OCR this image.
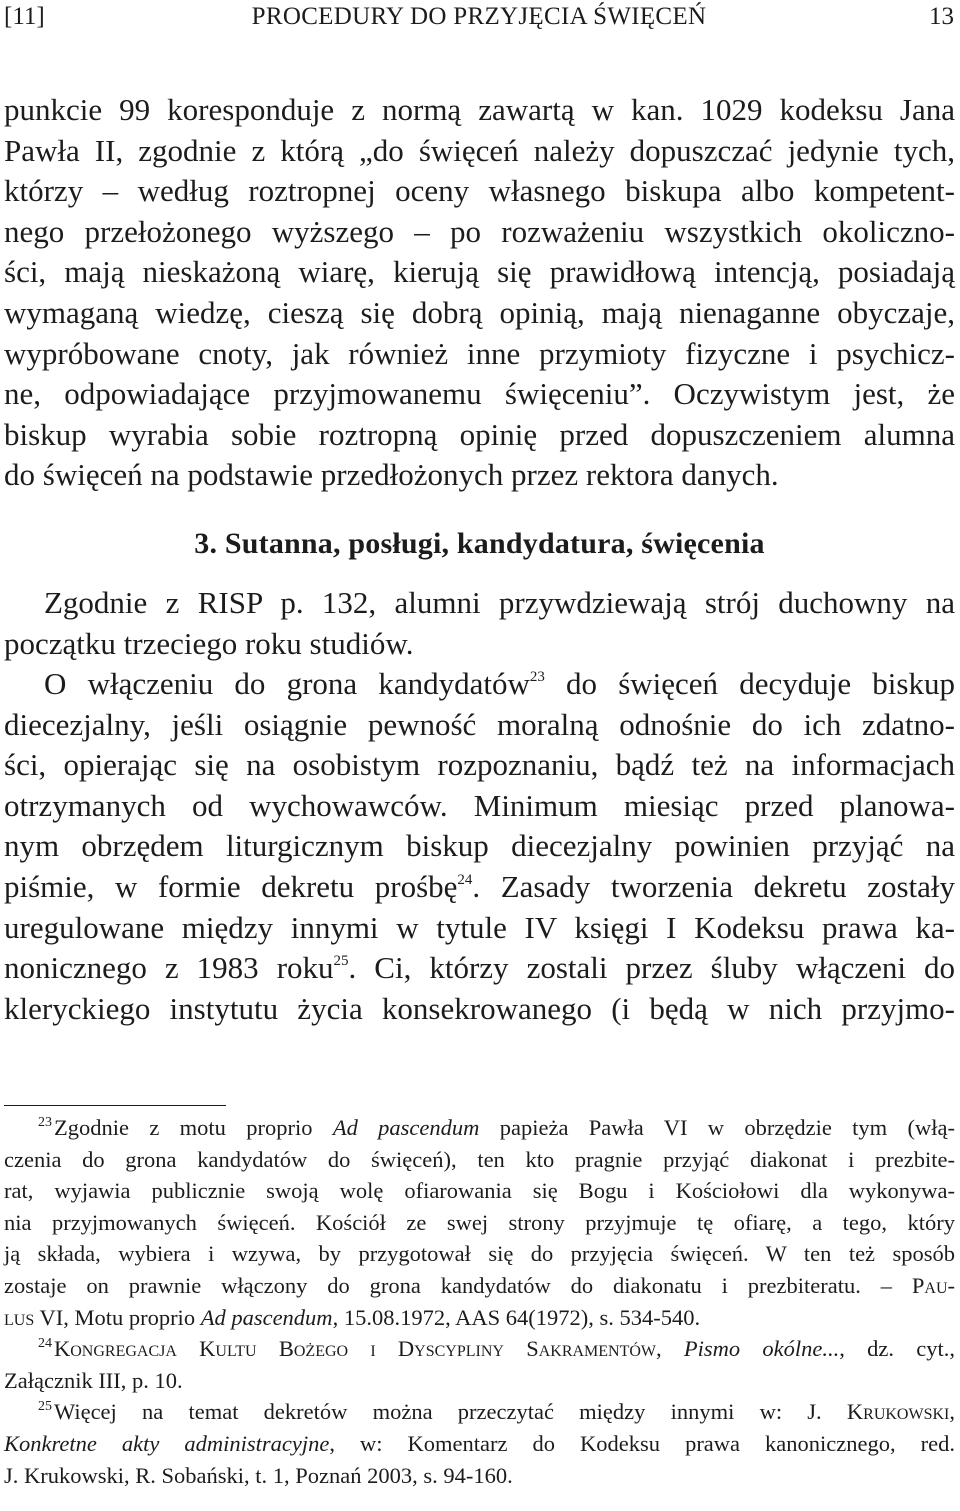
[11]	PROCEDURY DO PRZYJĘCIA ŚWIĘCEŃ	13
punkcie 99 koresponduje z normą zawartą w kan. 1029 kodeksu Jana
Pawła II, zgodnie z którą „do święceń należy dopuszczać jedynie tych,
którzy – według roztropnej oceny własnego biskupa albo kompetent-
nego przełożonego wyższego – po rozważeniu wszystkich okoliczno-
ści, mają nieskażoną wiarę, kierują się prawidłową intencją, posiadają
wymaganą wiedzę, cieszą się dobrą opinią, mają nienaganne obyczaje,
wypróbowane cnoty, jak również inne przymioty fizyczne i psychicz-
ne, odpowiadające przyjmowanemu święceniu”. Oczywistym jest, że
biskup wyrabia sobie roztropną opinię przed dopuszczeniem alumna
do święceń na podstawie przedłożonych przez rektora danych.
3. Sutanna, posługi, kandydatura, święcenia
Zgodnie z RISP p. 132, alumni przywdziewają strój duchowny na
początku trzeciego roku studiów.
O włączeniu do grona kandydatów$^{23}$ do święceń decyduje biskup
diecezjalny, jeśli osiągnie pewność moralną odnośnie do ich zdatno-
ści, opierając się na osobistym rozpoznaniu, bądź też na informacjach
otrzymanych od wychowawców. Minimum miesiąc przed planowa-
nym obrzędem liturgicznym biskup diecezjalny powinien przyjąć na
piśmie, w formie dekretu prośbę$^{24}$. Zasady tworzenia dekretu zostały
uregulowane między innymi w tytule IV księgi I Kodeksu prawa ka-
nonicznego z 1983 roku$^{25}$. Ci, którzy zostali przez śluby włączeni do
kleryckiego instytutu życia konsekrowanego (i będą w nich przyjmo-
$^{23}$Zgodnie z motu proprio Ad pascendum papieża Pawła VI w obrzędzie tym (włą-
czenia do grona kandydatów do święceń), ten kto pragnie przyjąć diakonat i prezbite-
rat, wyjawia publicznie swoją wolę ofiarowania się Bogu i Kościołowi dla wykonywa-
nia przyjmowanych święceń. Kościół ze swej strony przyjmuje tę ofiarę, a tego, który
ją składa, wybiera i wzywa, by przygotował się do przyjęcia święceń. W ten też sposób
zostaje on prawnie włączony do grona kandydatów do diakonatu i prezbiteratu. – Pau-
lus VI, Motu proprio Ad pascendum, 15.08.1972, AAS 64(1972), s. 534-540.
$^{24}$Kongregacja Kultu Bożego i Dyscypliny Sakramentów, Pismo okólne..., dz. cyt.,
Załącznik III, p. 10.
$^{25}$Więcej na temat dekretów można przeczytać między innymi w: J. Krukowski,
Konkretne akty administracyjne, w: Komentarz do Kodeksu prawa kanonicznego, red.
J. Krukowski, R. Sobański, t. 1, Poznań 2003, s. 94-160.
